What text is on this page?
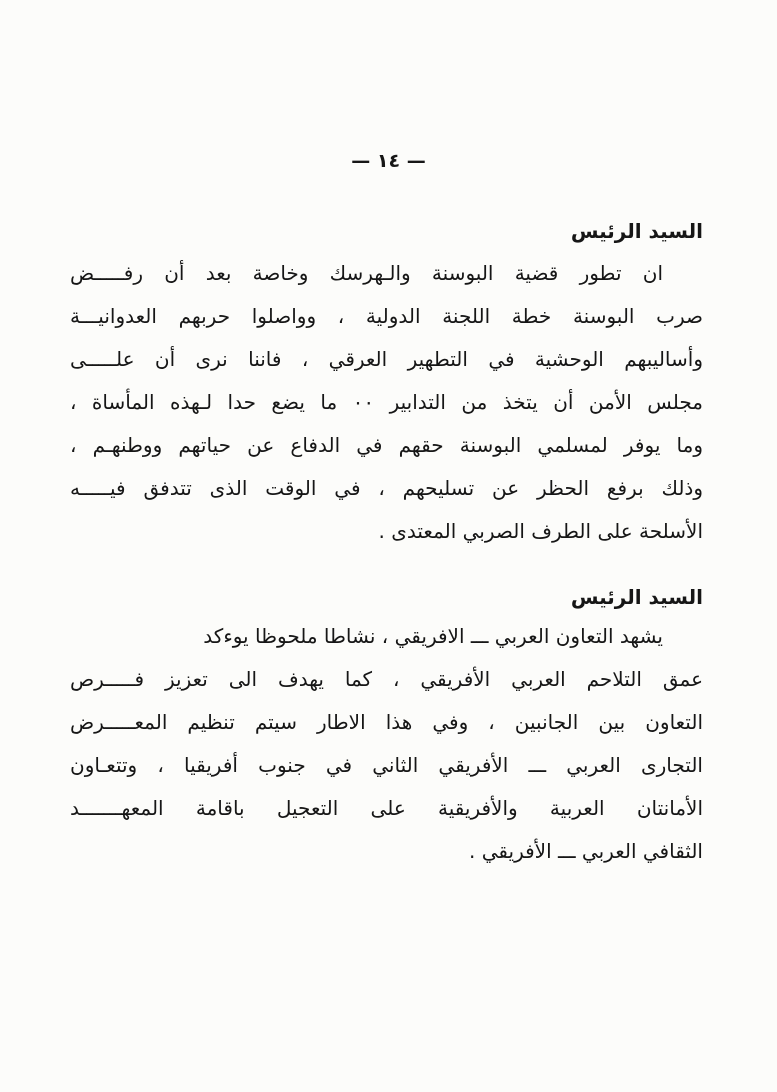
— ١٤ —
السيد الرئيس
ان تطور قضية البوسنة والـهرسك وخاصة بعد أن رفـــــض
صرب البوسنة خطة اللجنة الدولية ، وواصلوا حربهم العدوانيـــة
وأساليبهم الوحشية في التطهير العرقي ، فاننا نرى أن علـــــى
مجلس الأمن أن يتخذ من التدابير ٠٠ ما يضع حدا لـهذه المأساة ،
وما يوفر لمسلمي البوسنة حقهم في الدفاع عن حياتهم ووطنهـم ،
وذلك برفع الحظر عن تسليحهم ، في الوقت الذى تتدفق فيـــــه
الأسلحة على الطرف الصربي المعتدى .
السيد الرئيس
يشهد التعاون العربي ـــ الافريقي ، نشاطا ملحوظا يوءكد
عمق التلاحم العربي الأفريقي ، كما يهدف الى تعزيز فـــــرص
التعاون بين الجانبين ، وفي هذا الاطار سيتم تنظيم المعـــــرض
التجارى العربي ـــ الأفريقي الثاني في جنوب أفريقيا ، وتتعـاون
الأمانتان العربية والأفريقية على التعجيل باقامة المعهـــــــد
الثقافي العربي ـــ الأفريقي .
